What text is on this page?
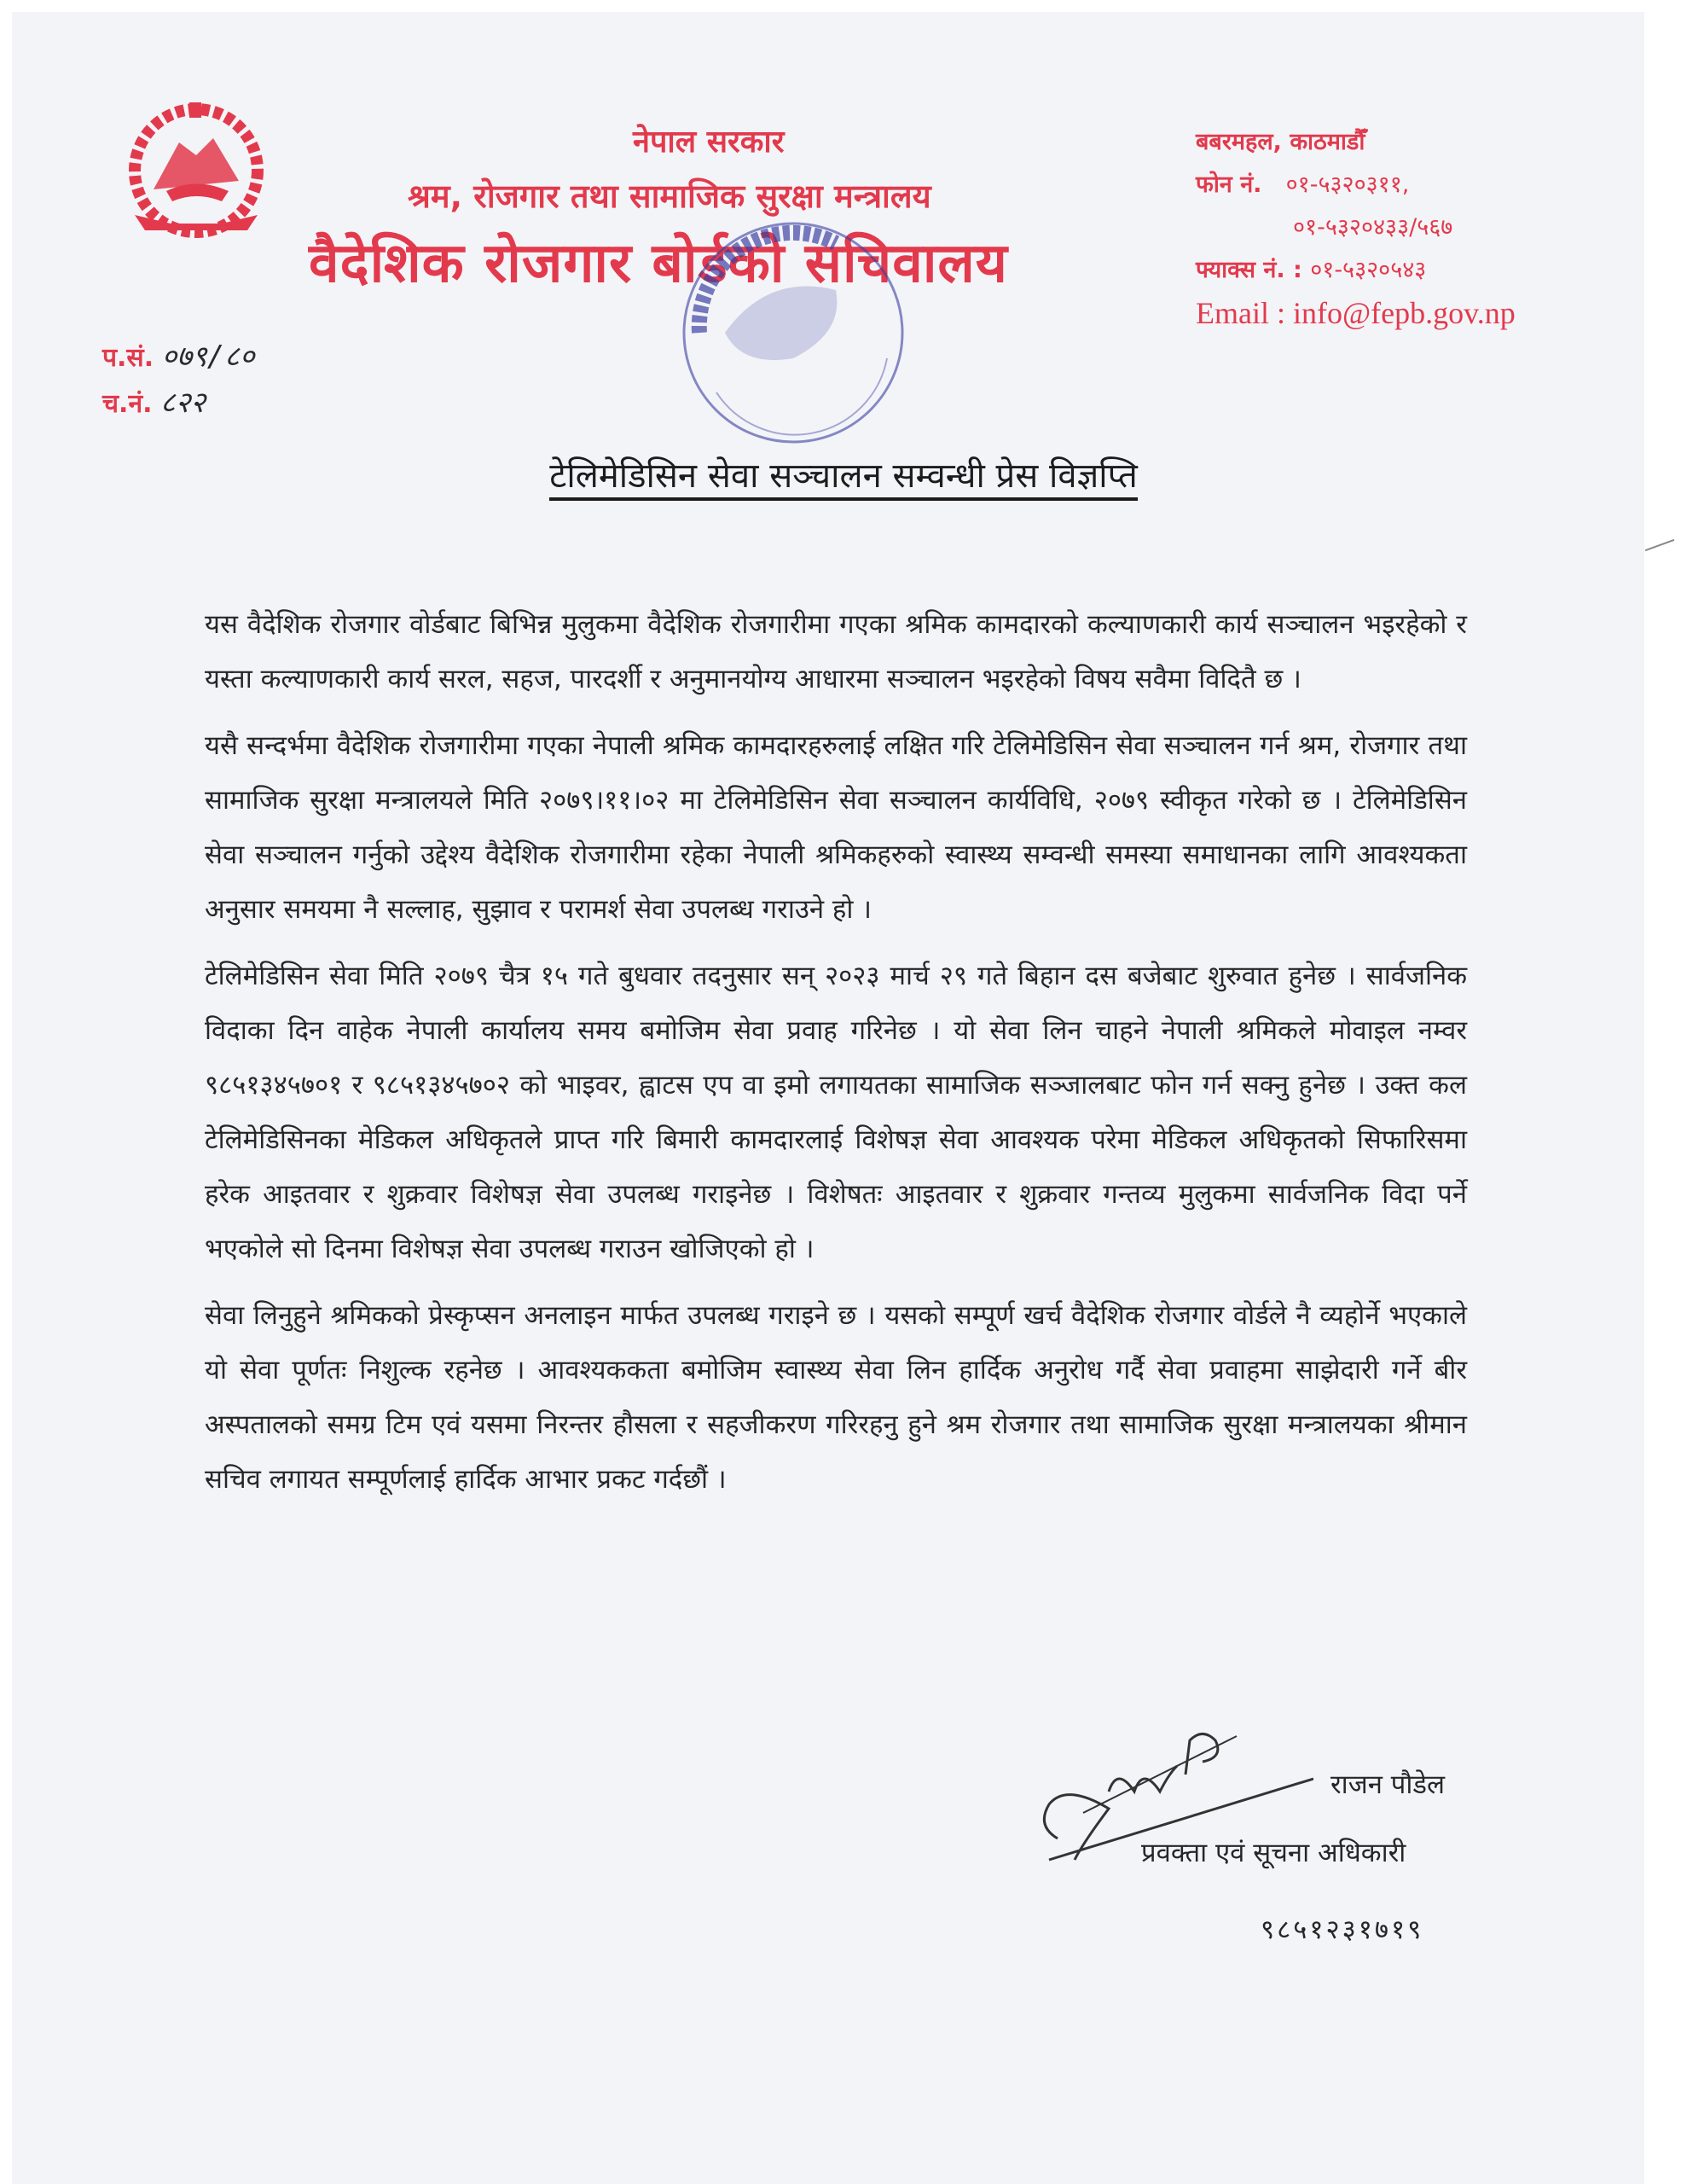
नेपाल सरकार
श्रम, रोजगार तथा सामाजिक सुरक्षा मन्त्रालय
वैदेशिक रोजगार बोर्डको सचिवालय
बबरमहल, काठमाडौँ
फोन नं. ०१-५३२०३११,
०१-५३२०४३३/५६७
फ्याक्स नं. : ०१-५३२०५४३
Email : info@fepb.gov.np
प.सं. ०७९/८०
च.नं. ८२२
टेलिमेडिसिन सेवा सञ्चालन सम्वन्धी प्रेस विज्ञप्ति

यस वैदेशिक रोजगार वोर्डबाट बिभिन्न मुलुकमा वैदेशिक रोजगारीमा गएका श्रमिक कामदारको कल्याणकारी कार्य सञ्चालन भइरहेको र यस्ता कल्याणकारी कार्य सरल, सहज, पारदर्शी र अनुमानयोग्य आधारमा सञ्चालन भइरहेको विषय सवैमा विदितै छ ।

यसै सन्दर्भमा वैदेशिक रोजगारीमा गएका नेपाली श्रमिक कामदारहरुलाई लक्षित गरि टेलिमेडिसिन सेवा सञ्चालन गर्न श्रम, रोजगार तथा सामाजिक सुरक्षा मन्त्रालयले मिति २०७९।११।०२ मा टेलिमेडिसिन सेवा सञ्चालन कार्यविधि, २०७९ स्वीकृत गरेको छ । टेलिमेडिसिन सेवा सञ्चालन गर्नुको उद्देश्य वैदेशिक रोजगारीमा रहेका नेपाली श्रमिकहरुको स्वास्थ्य सम्वन्धी समस्या समाधानका लागि आवश्यकता अनुसार समयमा नै सल्लाह, सुझाव र परामर्श सेवा उपलब्ध गराउने हो ।

टेलिमेडिसिन सेवा मिति २०७९ चैत्र १५ गते बुधवार तदनुसार सन् २०२३ मार्च २९ गते बिहान दस बजेबाट शुरुवात हुनेछ । सार्वजनिक विदाका दिन वाहेक नेपाली कार्यालय समय बमोजिम सेवा प्रवाह गरिनेछ । यो सेवा लिन चाहने नेपाली श्रमिकले मोवाइल नम्वर ९८५१३४५७०१ र ९८५१३४५७०२ को भाइवर, ह्वाटस एप वा इमो लगायतका सामाजिक सञ्जालबाट फोन गर्न सक्नु हुनेछ । उक्त कल टेलिमेडिसिनका मेडिकल अधिकृतले प्राप्त गरि बिमारी कामदारलाई विशेषज्ञ सेवा आवश्यक परेमा मेडिकल अधिकृतको सिफारिसमा हरेक आइतवार र शुक्रवार विशेषज्ञ सेवा उपलब्ध गराइनेछ । विशेषतः आइतवार र शुक्रवार गन्तव्य मुलुकमा सार्वजनिक विदा पर्ने भएकोले सो दिनमा विशेषज्ञ सेवा उपलब्ध गराउन खोजिएको हो ।

सेवा लिनुहुने श्रमिकको प्रेस्कृप्सन अनलाइन मार्फत उपलब्ध गराइने छ । यसको सम्पूर्ण खर्च वैदेशिक रोजगार वोर्डले नै व्यहोर्ने भएकाले यो सेवा पूर्णतः निशुल्क रहनेछ । आवश्यककता बमोजिम स्वास्थ्य सेवा लिन हार्दिक अनुरोध गर्दै सेवा प्रवाहमा साझेदारी गर्ने बीर अस्पतालको समग्र टिम एवं यसमा निरन्तर हौसला र सहजीकरण गरिरहनु हुने श्रम रोजगार तथा सामाजिक सुरक्षा मन्त्रालयका श्रीमान सचिव लगायत सम्पूर्णलाई हार्दिक आभार प्रकट गर्दछौं ।

राजन पौडेल
प्रवक्ता एवं सूचना अधिकारी
९८५१२३१७१९
